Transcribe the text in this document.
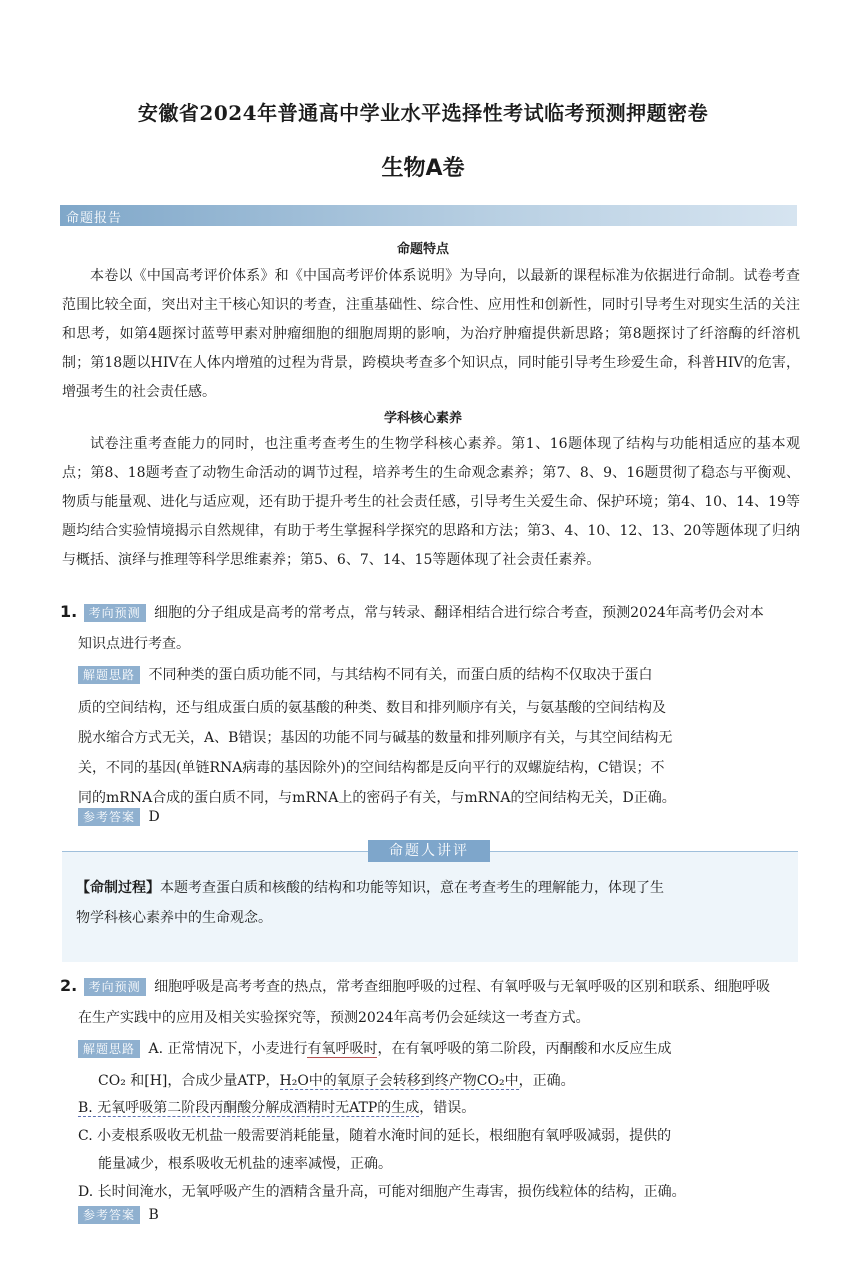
安徽省2024年普通高中学业水平选择性考试临考预测押题密卷
生物A卷
命题报告
命题特点
本卷以《中国高考评价体系》和《中国高考评价体系说明》为导向，以最新的课程标准为依据进行命制。试卷考查范围比较全面，突出对主干核心知识的考查，注重基础性、综合性、应用性和创新性，同时引导考生对现实生活的关注和思考，如第4题探讨蓝萼甲素对肿瘤细胞的细胞周期的影响，为治疗肿瘤提供新思路；第8题探讨了纤溶酶的纤溶机制；第18题以HIV在人体内增殖的过程为背景，跨模块考查多个知识点，同时能引导考生珍爱生命，科普HIV的危害，增强考生的社会责任感。
学科核心素养
试卷注重考查能力的同时，也注重考查考生的生物学科核心素养。第1、16题体现了结构与功能相适应的基本观点；第8、18题考查了动物生命活动的调节过程，培养考生的生命观念素养；第7、8、9、16题贯彻了稳态与平衡观、物质与能量观、进化与适应观，还有助于提升考生的社会责任感，引导考生关爱生命、保护环境；第4、10、14、19等题均结合实验情境揭示自然规律，有助于考生掌握科学探究的思路和方法；第3、4、10、12、13、20等题体现了归纳与概括、演绎与推理等科学思维素养；第5、6、7、14、15等题体现了社会责任素养。
1. 考向预测 细胞的分子组成是高考的常考点，常与转录、翻译相结合进行综合考查，预测2024年高考仍会对本
知识点进行考查。
解题思路 不同种类的蛋白质功能不同，与其结构不同有关，而蛋白质的结构不仅取决于蛋白
质的空间结构，还与组成蛋白质的氨基酸的种类、数目和排列顺序有关，与氨基酸的空间结构及
脱水缩合方式无关，A、B错误；基因的功能不同与碱基的数量和排列顺序有关，与其空间结构无
关，不同的基因(单链RNA病毒的基因除外)的空间结构都是反向平行的双螺旋结构，C错误；不
同的mRNA合成的蛋白质不同，与mRNA上的密码子有关，与mRNA的空间结构无关，D正确。
参考答案 D
命题人讲评
【命制过程】本题考查蛋白质和核酸的结构和功能等知识，意在考查考生的理解能力，体现了生
物学科核心素养中的生命观念。
2. 考向预测 细胞呼吸是高考考查的热点，常考查细胞呼吸的过程、有氧呼吸与无氧呼吸的区别和联系、细胞呼吸
在生产实践中的应用及相关实验探究等，预测2024年高考仍会延续这一考查方式。
解题思路 A. 正常情况下，小麦进行有氧呼吸时，在有氧呼吸的第二阶段，丙酮酸和水反应生成
CO₂ 和[H]，合成少量ATP，H₂O中的氧原子会转移到终产物CO₂中，正确。
B. 无氧呼吸第二阶段丙酮酸分解成酒精时无ATP的生成，错误。
C. 小麦根系吸收无机盐一般需要消耗能量，随着水淹时间的延长，根细胞有氧呼吸减弱，提供的
能量减少，根系吸收无机盐的速率减慢，正确。
D. 长时间淹水，无氧呼吸产生的酒精含量升高，可能对细胞产生毒害，损伤线粒体的结构，正确。
参考答案 B
